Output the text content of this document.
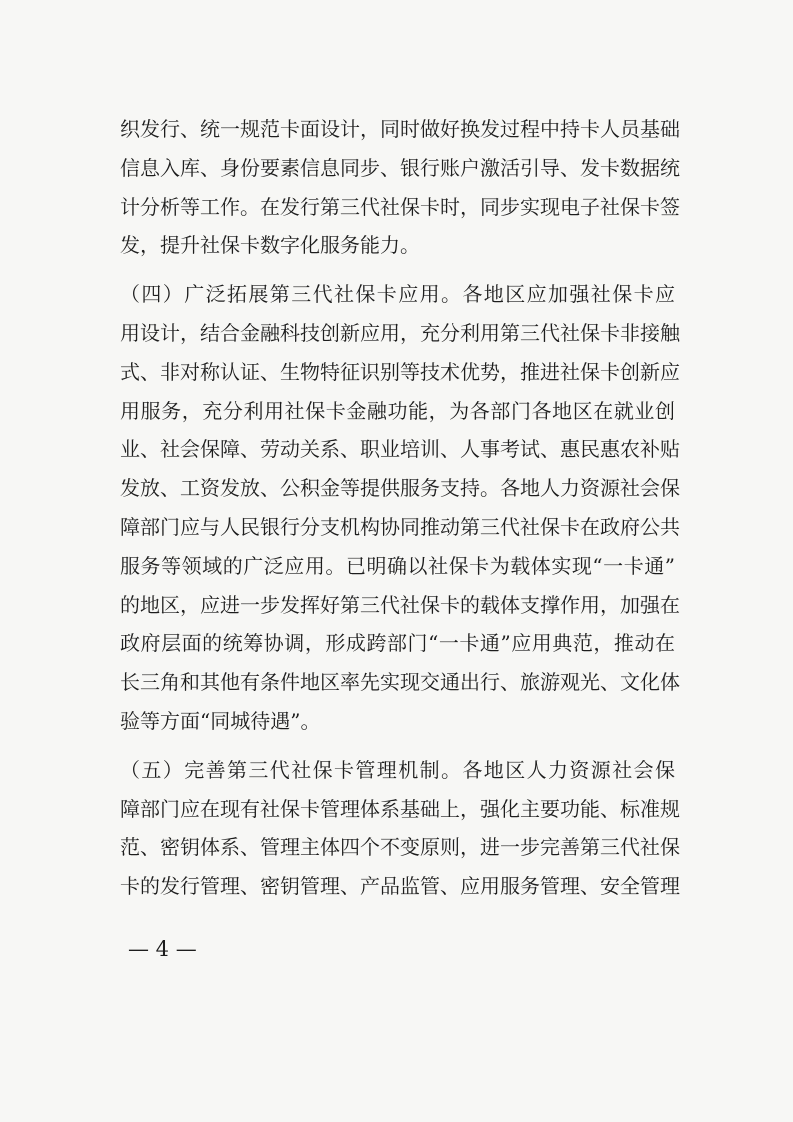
织发行、统一规范卡面设计，同时做好换发过程中持卡人员基础

信息入库、身份要素信息同步、银行账户激活引导、发卡数据统

计分析等工作。在发行第三代社保卡时，同步实现电子社保卡签

发，提升社保卡数字化服务能力。

（四）广泛拓展第三代社保卡应用。各地区应加强社保卡应

用设计，结合金融科技创新应用，充分利用第三代社保卡非接触

式、非对称认证、生物特征识别等技术优势，推进社保卡创新应

用服务，充分利用社保卡金融功能，为各部门各地区在就业创

业、社会保障、劳动关系、职业培训、人事考试、惠民惠农补贴

发放、工资发放、公积金等提供服务支持。各地人力资源社会保

障部门应与人民银行分支机构协同推动第三代社保卡在政府公共

服务等领域的广泛应用。已明确以社保卡为载体实现“一卡通”

的地区，应进一步发挥好第三代社保卡的载体支撑作用，加强在

政府层面的统筹协调，形成跨部门“一卡通”应用典范，推动在

长三角和其他有条件地区率先实现交通出行、旅游观光、文化体

验等方面“同城待遇”。

（五）完善第三代社保卡管理机制。各地区人力资源社会保

障部门应在现有社保卡管理体系基础上，强化主要功能、标准规

范、密钥体系、管理主体四个不变原则，进一步完善第三代社保

卡的发行管理、密钥管理、产品监管、应用服务管理、安全管理

— 4 —
